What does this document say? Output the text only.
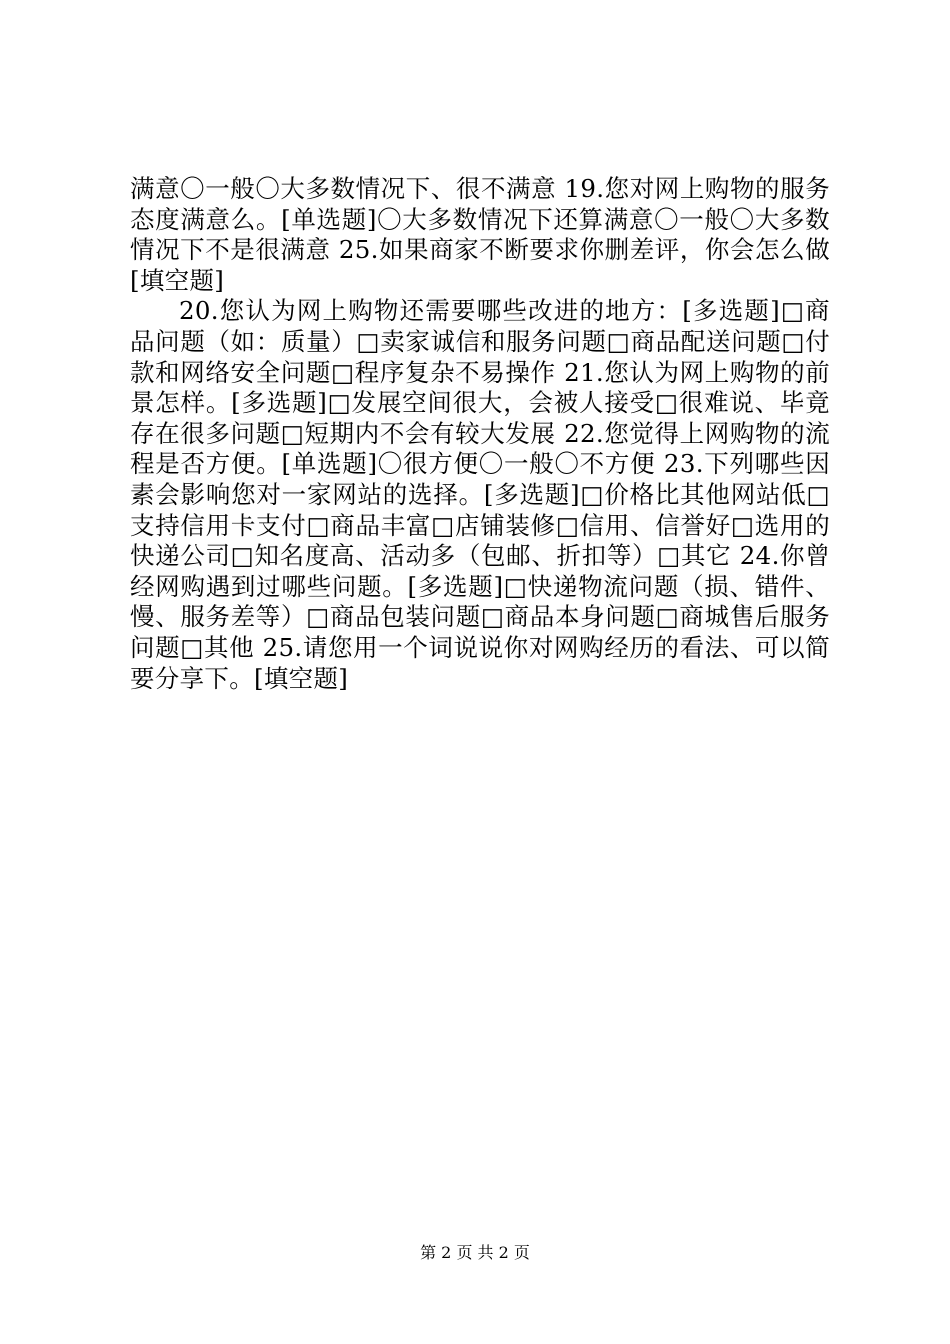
满意〇一般〇大多数情况下、很不满意 19.您对网上购物的服务态度满意么。[单选题]〇大多数情况下还算满意〇一般〇大多数情况下不是很满意 25.如果商家不断要求你删差评，你会怎么做[填空题]

20.您认为网上购物还需要哪些改进的地方：[多选题]□商品问题（如：质量）□卖家诚信和服务问题□商品配送问题□付款和网络安全问题□程序复杂不易操作 21.您认为网上购物的前景怎样。[多选题]□发展空间很大，会被人接受□很难说、毕竟存在很多问题□短期内不会有较大发展 22.您觉得上网购物的流程是否方便。[单选题]〇很方便〇一般〇不方便 23.下列哪些因素会影响您对一家网站的选择。[多选题]□价格比其他网站低□支持信用卡支付□商品丰富□店铺装修□信用、信誉好□选用的快递公司□知名度高、活动多（包邮、折扣等）□其它 24.你曾经网购遇到过哪些问题。[多选题]□快递物流问题（损、错件、慢、服务差等）□商品包装问题□商品本身问题□商城售后服务问题□其他 25.请您用一个词说说你对网购经历的看法、可以简要分享下。[填空题]

第 2 页 共 2 页
